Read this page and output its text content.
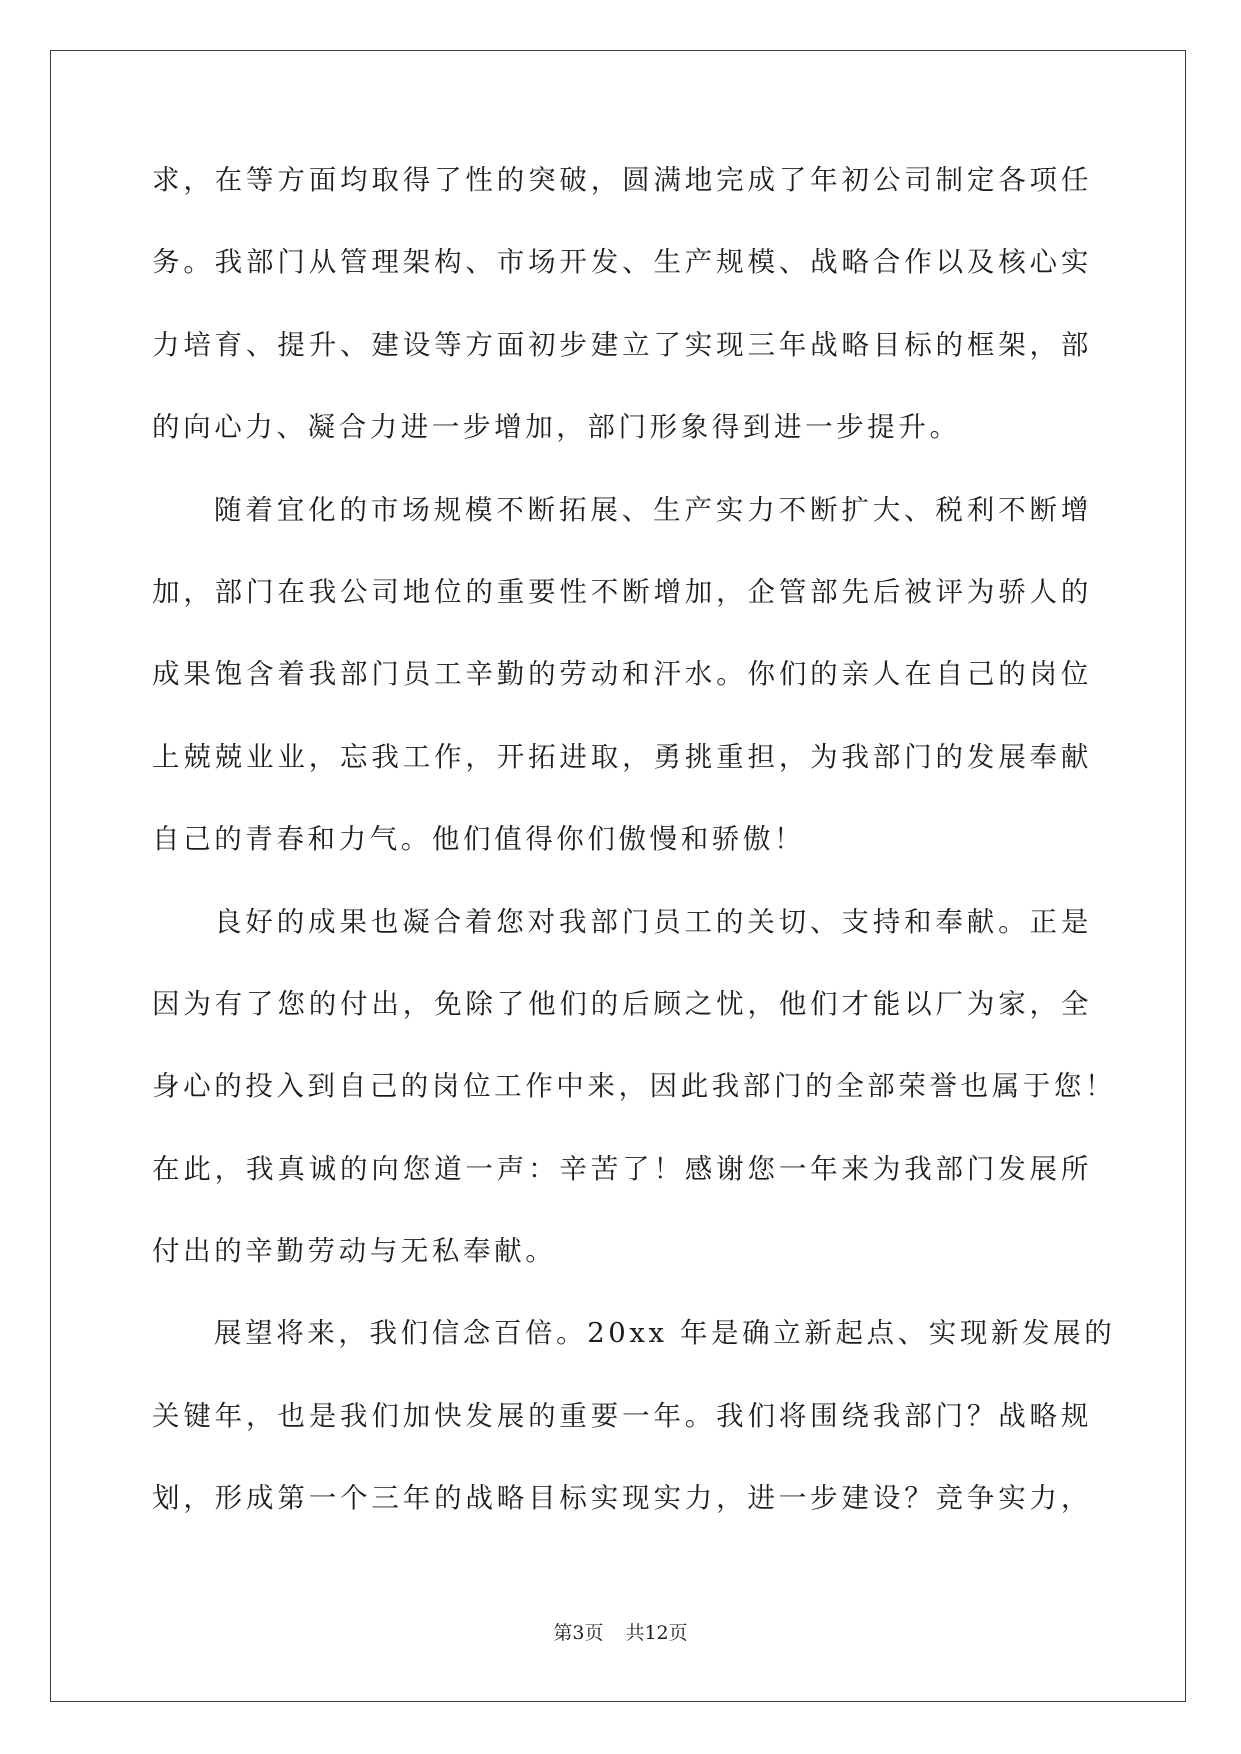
求，在等方面均取得了性的突破，圆满地完成了年初公司制定各项任
务。我部门从管理架构、市场开发、生产规模、战略合作以及核心实
力培育、提升、建设等方面初步建立了实现三年战略目标的框架，部
的向心力、凝合力进一步增加，部门形象得到进一步提升。
随着宜化的市场规模不断拓展、生产实力不断扩大、税利不断增
加，部门在我公司地位的重要性不断增加，企管部先后被评为骄人的
成果饱含着我部门员工辛勤的劳动和汗水。你们的亲人在自己的岗位
上兢兢业业，忘我工作，开拓进取，勇挑重担，为我部门的发展奉献
自己的青春和力气。他们值得你们傲慢和骄傲！
良好的成果也凝合着您对我部门员工的关切、支持和奉献。正是
因为有了您的付出，免除了他们的后顾之忧，他们才能以厂为家，全
身心的投入到自己的岗位工作中来，因此我部门的全部荣誉也属于您！
在此，我真诚的向您道一声：辛苦了！感谢您一年来为我部门发展所
付出的辛勤劳动与无私奉献。
展望将来，我们信念百倍。20xx 年是确立新起点、实现新发展的
关键年，也是我们加快发展的重要一年。我们将围绕我部门？战略规
划，形成第一个三年的战略目标实现实力，进一步建设？竞争实力，
第3页 共12页
